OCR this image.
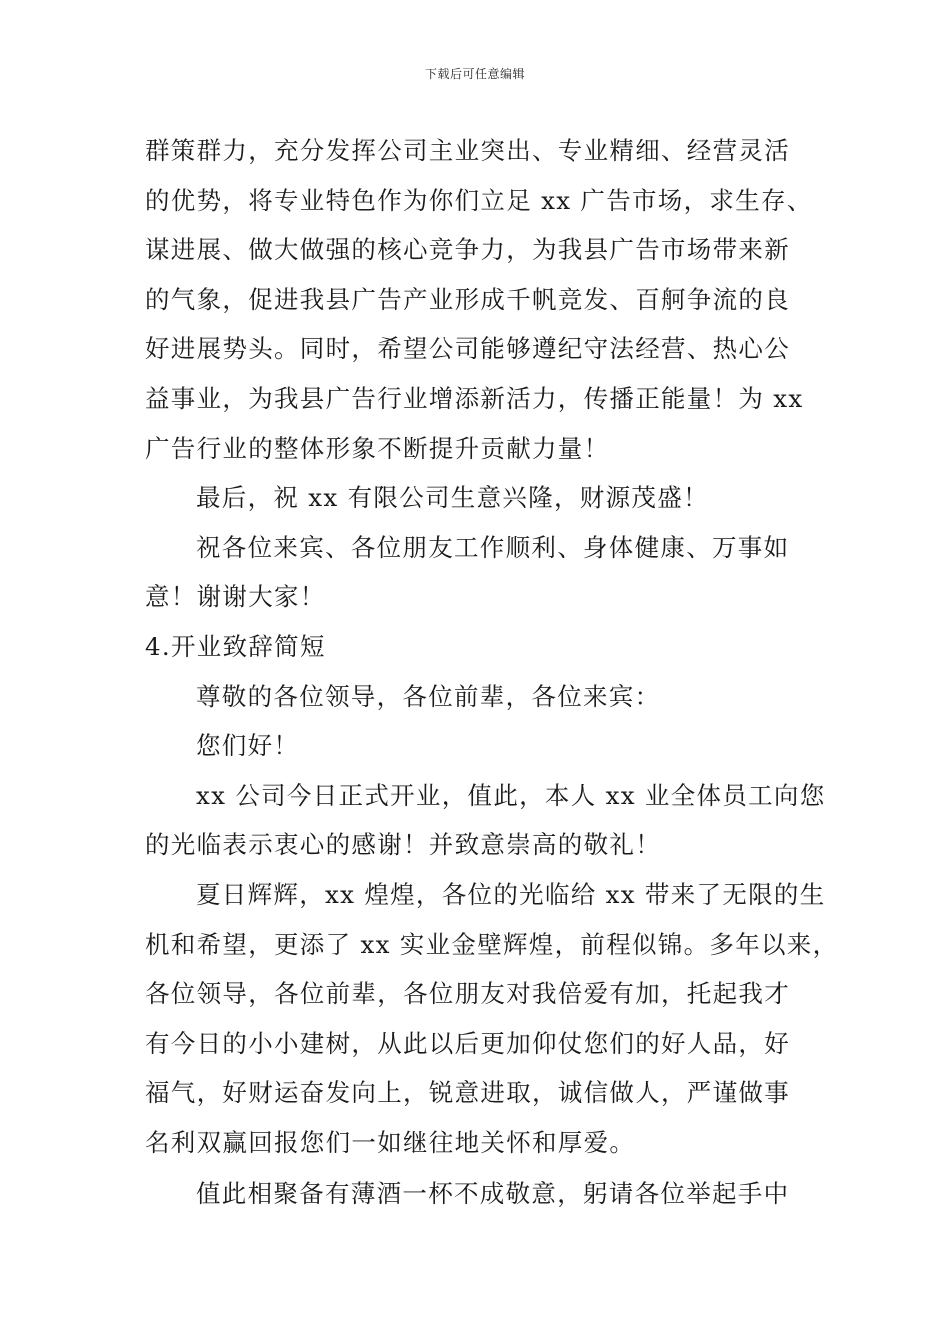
下载后可任意编辑
群策群力，充分发挥公司主业突出、专业精细、经营灵活
的优势，将专业特色作为你们立足 xx 广告市场，求生存、
谋进展、做大做强的核心竞争力，为我县广告市场带来新
的气象，促进我县广告产业形成千帆竞发、百舸争流的良
好进展势头。同时，希望公司能够遵纪守法经营、热心公
益事业，为我县广告行业增添新活力，传播正能量！为 xx
广告行业的整体形象不断提升贡献力量！
最后，祝 xx 有限公司生意兴隆，财源茂盛！
祝各位来宾、各位朋友工作顺利、身体健康、万事如
意！谢谢大家！
4.开业致辞简短
尊敬的各位领导，各位前辈，各位来宾：
您们好！
xx 公司今日正式开业，值此，本人 xx 业全体员工向您
的光临表示衷心的感谢！并致意崇高的敬礼！
夏日辉辉，xx 煌煌，各位的光临给 xx 带来了无限的生
机和希望，更添了 xx 实业金壁辉煌，前程似锦。多年以来，
各位领导，各位前辈，各位朋友对我倍爱有加，托起我才
有今日的小小建树，从此以后更加仰仗您们的好人品，好
福气，好财运奋发向上，锐意进取，诚信做人，严谨做事
名利双赢回报您们一如继往地关怀和厚爱。
值此相聚备有薄酒一杯不成敬意，躬请各位举起手中
